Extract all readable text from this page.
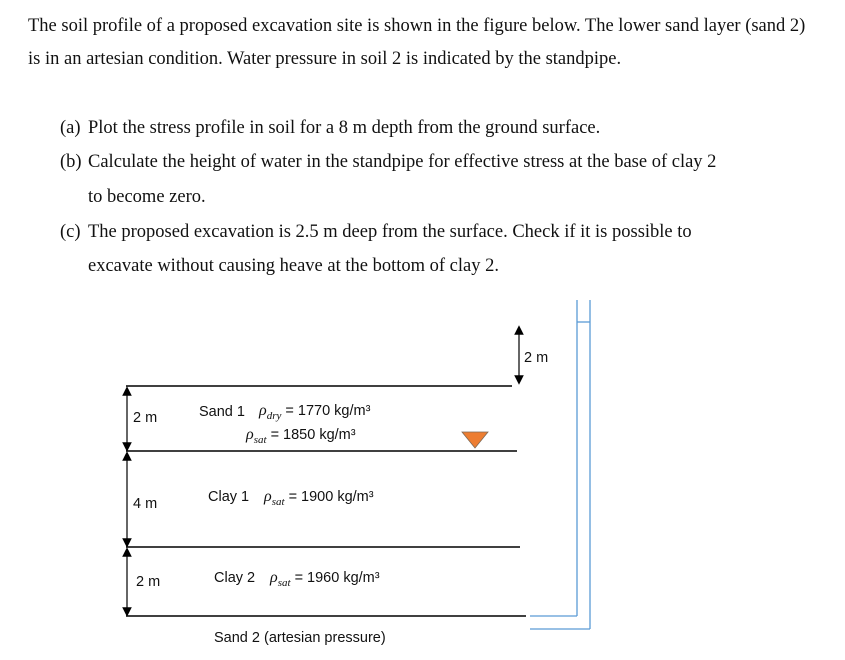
The soil profile of a proposed excavation site is shown in the figure below. The lower sand layer (sand 2) is in an artesian condition. Water pressure in soil 2 is indicated by the standpipe.
(a) Plot the stress profile in soil for a 8 m depth from the ground surface.
(b) Calculate the height of water in the standpipe for effective stress at the base of clay 2
to become zero.
(c) The proposed excavation is 2.5 m deep from the surface. Check if it is possible to
excavate without causing heave at the bottom of clay 2.
2 m
2 m
4 m
2 m
Sand 1 $\rho_{dry} = 1770$ kg/m³
$\rho_{sat} = 1850$ kg/m³
Clay 1 $\rho_{sat} = 1900$ kg/m³
Clay 2 $\rho_{sat} = 1960$ kg/m³
Sand 2 (artesian pressure)
